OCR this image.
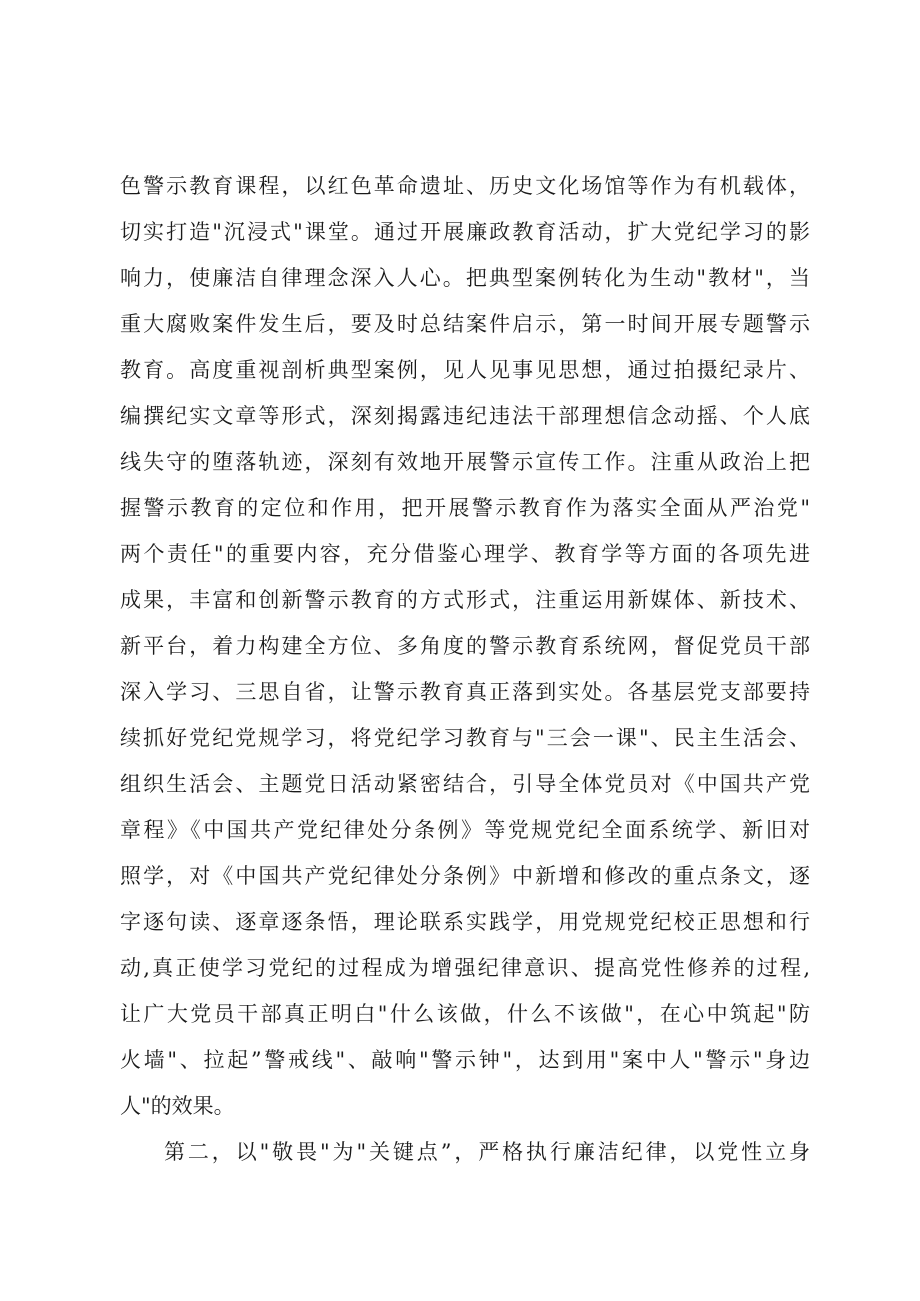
色警示教育课程，以红色革命遗址、历史文化场馆等作为有机载体，
切实打造"沉浸式"课堂。通过开展廉政教育活动，扩大党纪学习的影
响力，使廉洁自律理念深入人心。把典型案例转化为生动"教材"，当
重大腐败案件发生后，要及时总结案件启示，第一时间开展专题警示
教育。高度重视剖析典型案例，见人见事见思想，通过拍摄纪录片、
编撰纪实文章等形式，深刻揭露违纪违法干部理想信念动摇、个人底
线失守的堕落轨迹，深刻有效地开展警示宣传工作。注重从政治上把
握警示教育的定位和作用，把开展警示教育作为落实全面从严治党"
两个责任"的重要内容，充分借鉴心理学、教育学等方面的各项先进
成果，丰富和创新警示教育的方式形式，注重运用新媒体、新技术、
新平台，着力构建全方位、多角度的警示教育系统网，督促党员干部
深入学习、三思自省，让警示教育真正落到实处。各基层党支部要持
续抓好党纪党规学习，将党纪学习教育与"三会一课"、民主生活会、
组织生活会、主题党日活动紧密结合，引导全体党员对《中国共产党
章程》《中国共产党纪律处分条例》等党规党纪全面系统学、新旧对
照学，对《中国共产党纪律处分条例》中新增和修改的重点条文，逐
字逐句读、逐章逐条悟，理论联系实践学，用党规党纪校正思想和行
动,真正使学习党纪的过程成为增强纪律意识、提高党性修养的过程,
让广大党员干部真正明白"什么该做，什么不该做"，在心中筑起"防
火墙"、拉起”警戒线"、敲响"警示钟"，达到用"案中人"警示"身边
人"的效果。
第二，以"敬畏"为"关键点”，严格执行廉洁纪律，以党性立身
